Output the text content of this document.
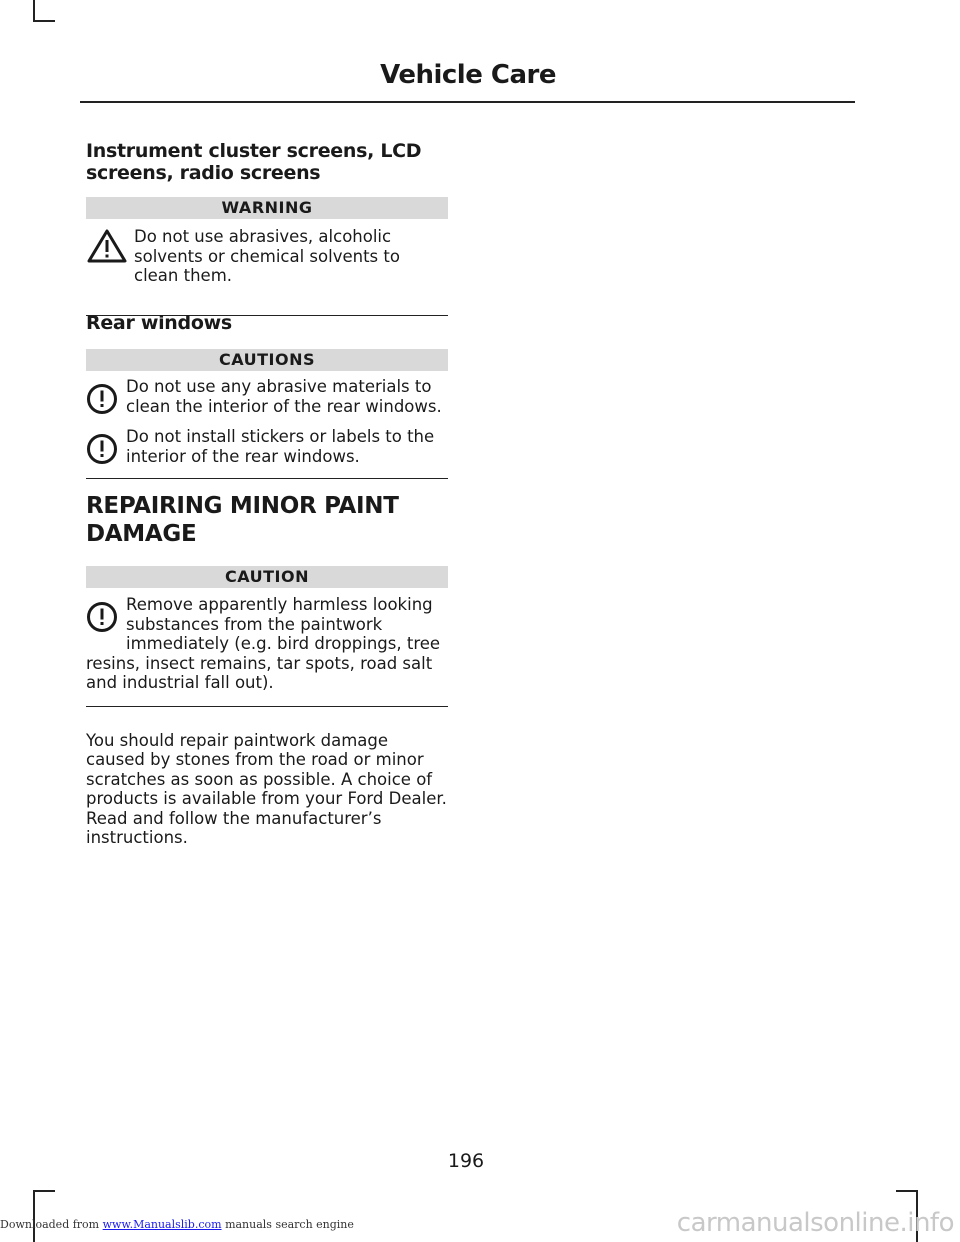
Vehicle Care
Instrument cluster screens, LCD screens, radio screens
WARNING
Do not use abrasives, alcoholic solvents or chemical solvents to clean them.
Rear windows
CAUTIONS
Do not use any abrasive materials to clean the interior of the rear windows.
Do not install stickers or labels to the interior of the rear windows.
REPAIRING MINOR PAINT
DAMAGE
CAUTION
Remove apparently harmless looking substances from the paintwork immediately (e.g. bird droppings, tree resins, insect remains, tar spots, road salt and industrial fall out).

You should repair paintwork damage caused by stones from the road or minor scratches as soon as possible. A choice of products is available from your Ford Dealer. Read and follow the manufacturer’s instructions.

196
Downloaded from www.Manualslib.com manuals search engine	carmanualsonline.info
